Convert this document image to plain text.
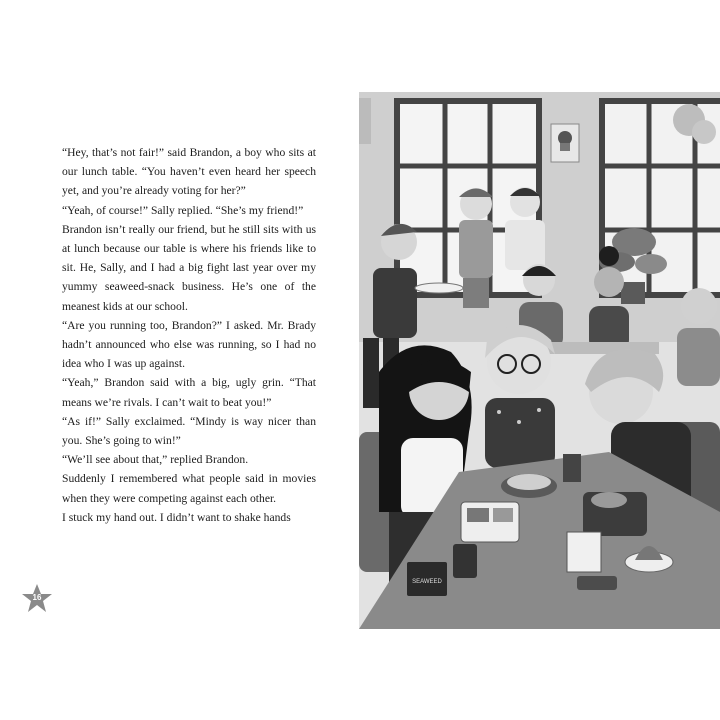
“Hey, that’s not fair!” said Brandon, a boy who sits at our lunch table. “You haven’t even heard her speech yet, and you’re already voting for her?”

“Yeah, of course!” Sally replied. “She’s my friend!”

Brandon isn’t really our friend, but he still sits with us at lunch because our table is where his friends like to sit. He, Sally, and I had a big fight last year over my yummy seaweed-snack business. He’s one of the meanest kids at our school.

“Are you running too, Brandon?” I asked. Mr. Brady hadn’t announced who else was running, so I had no idea who I was up against.

“Yeah,” Brandon said with a big, ugly grin. “That means we’re rivals. I can’t wait to beat you!”

“As if!” Sally exclaimed. “Mindy is way nicer than you. She’s going to win!”

“We’ll see about that,” replied Brandon.

Suddenly I remembered what people said in movies when they were competing against each other.

I stuck my hand out. I didn’t want to shake hands

16
SEAWEED
